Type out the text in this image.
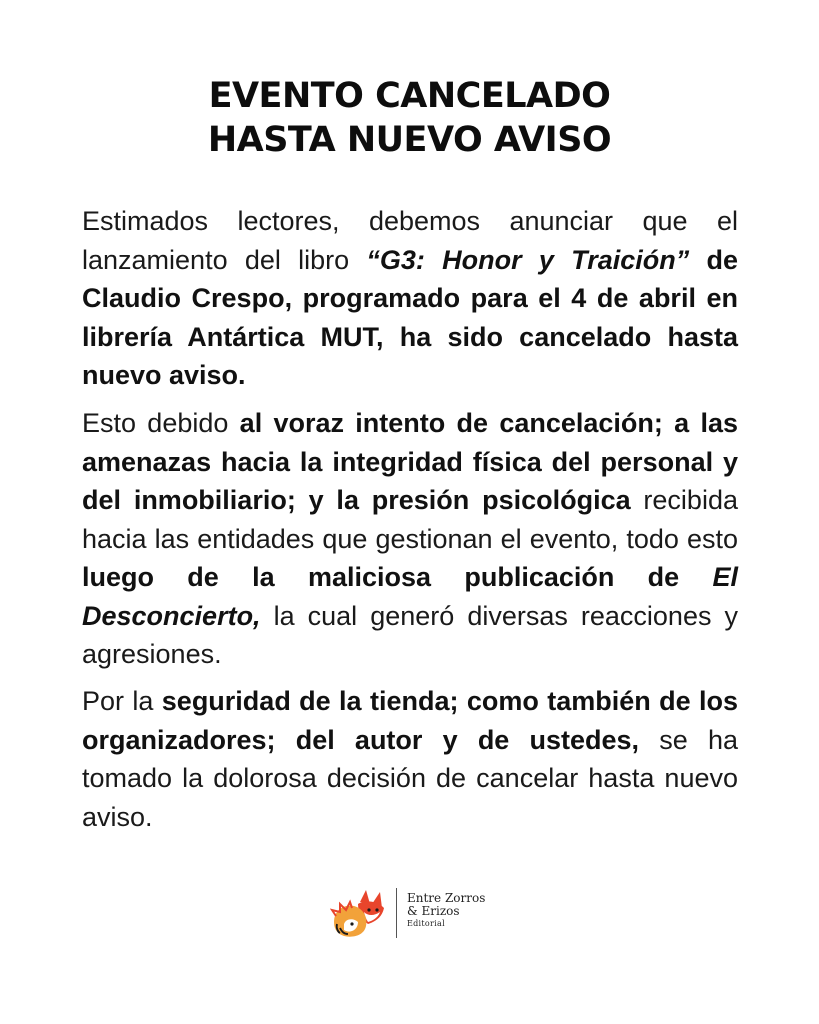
EVENTO CANCELADO
HASTA NUEVO AVISO

Estimados lectores, debemos anunciar que el lanzamiento del libro “G3: Honor y Traición” de Claudio Crespo, programado para el 4 de abril en librería Antártica MUT, ha sido cancelado hasta nuevo aviso.

Esto debido al voraz intento de cancelación; a las amenazas hacia la integridad física del personal y del inmobiliario; y la presión psicológica recibida hacia las entidades que gestionan el evento, todo esto luego de la maliciosa publicación de El Desconcierto, la cual generó diversas reacciones y agresiones.

Por la seguridad de la tienda; como también de los organizadores; del autor y de ustedes, se ha tomado la dolorosa decisión de cancelar hasta nuevo aviso.

Entre Zorros
& Erizos
Editorial
